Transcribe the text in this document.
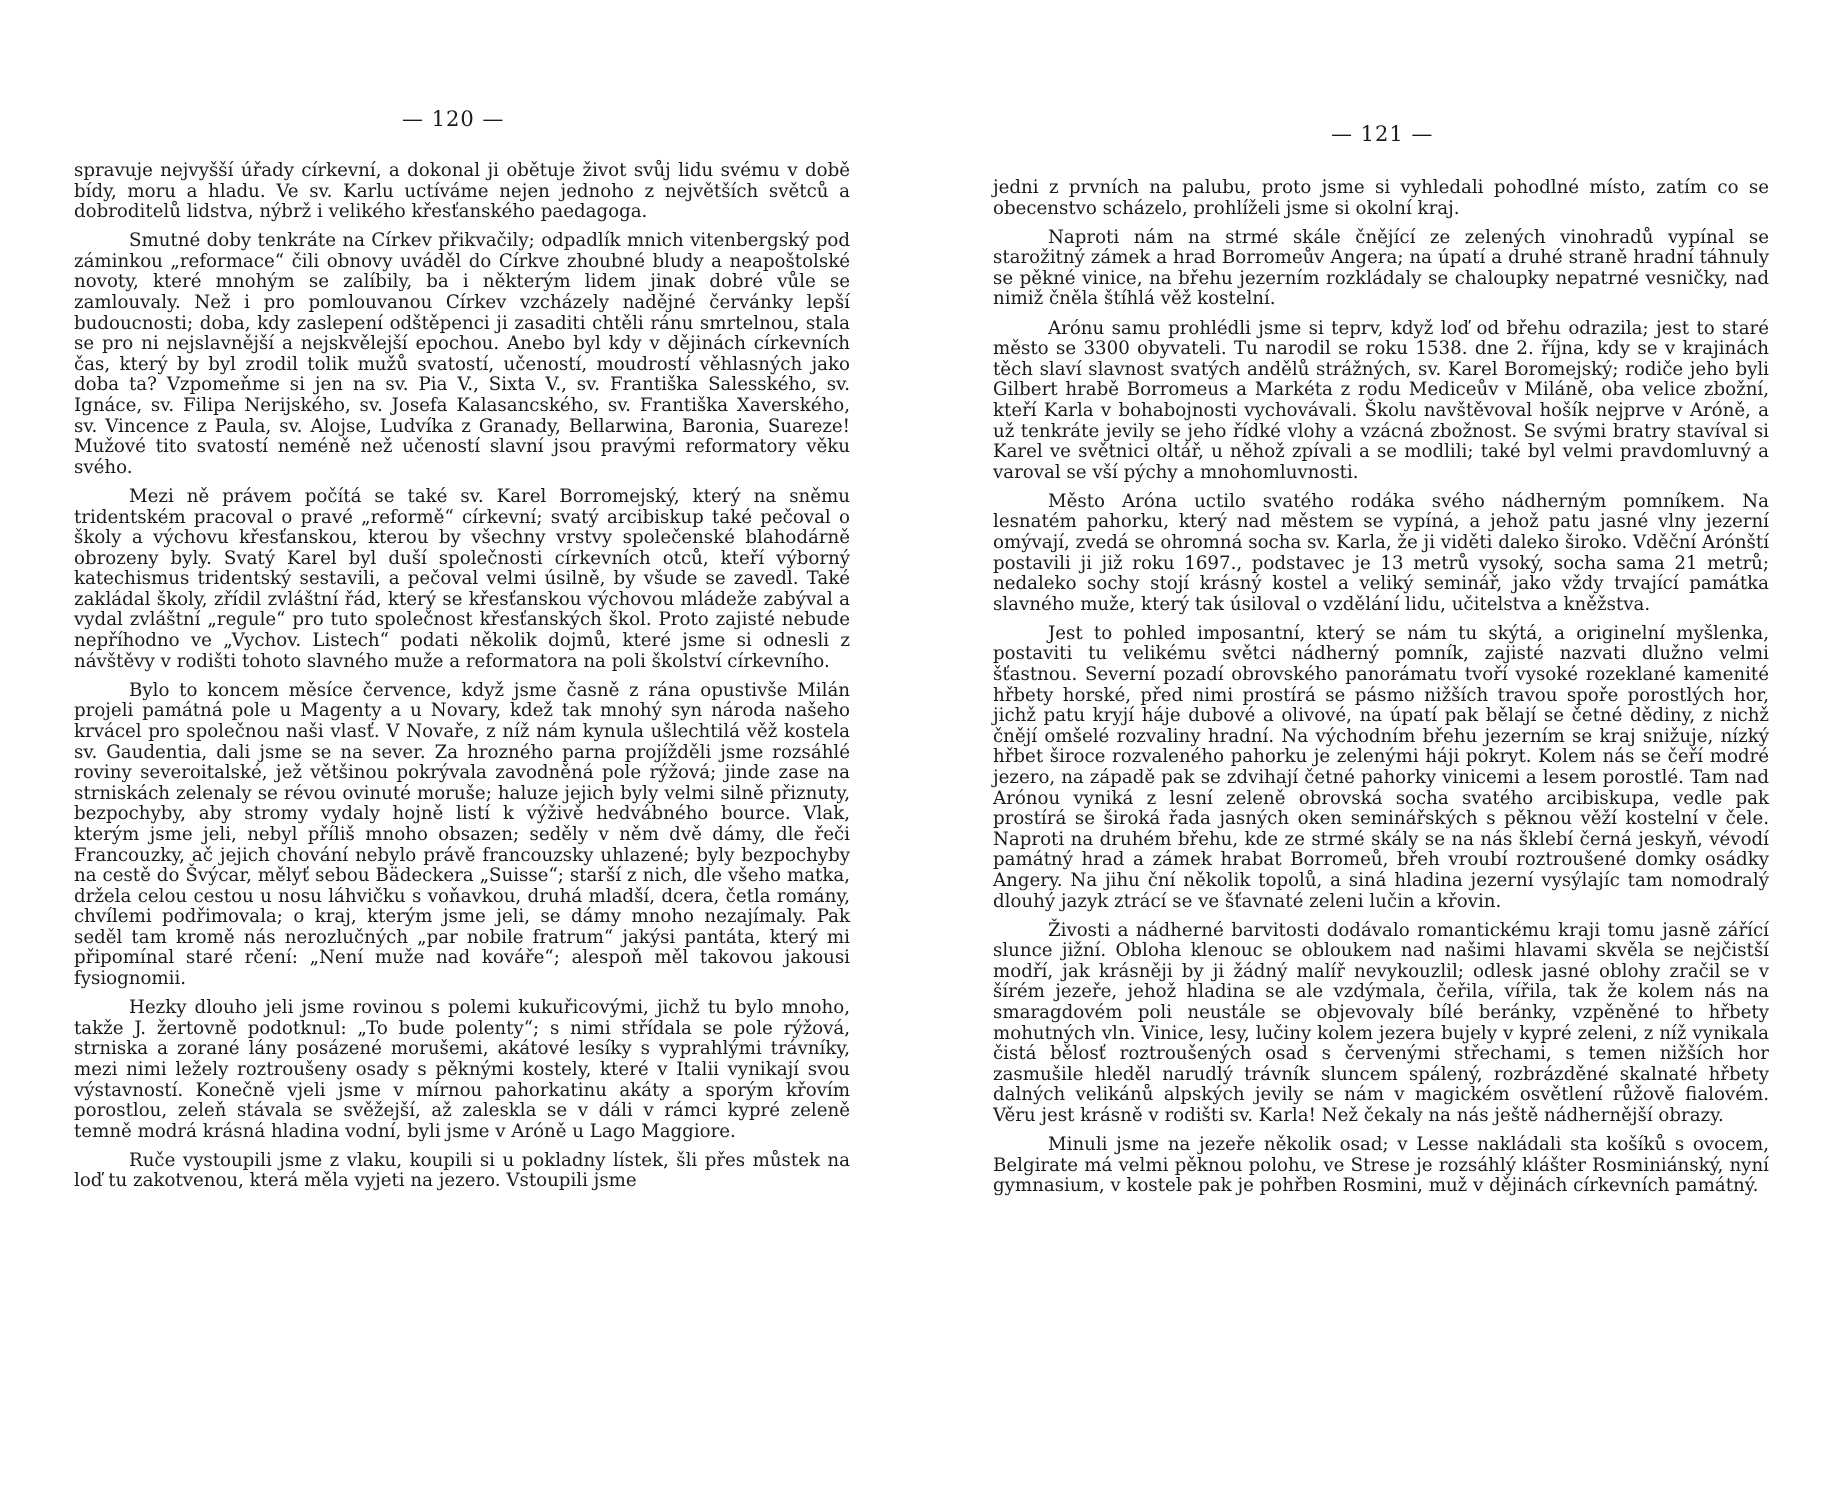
— 120 —

spravuje nejvyšší úřady církevní, a dokonal ji obětuje život svůj lidu svému v době bídy, moru a hladu. Ve sv. Karlu uctíváme nejen jednoho z největších světců a dobroditelů lidstva, nýbrž i velikého křesťanského paedagoga.

Smutné doby tenkráte na Církev přikvačily; odpadlík mnich vitenbergský pod záminkou „reformace“ čili obnovy uváděl do Církve zhoubné bludy a neapoštolské novoty, které mnohým se zalíbily, ba i některým lidem jinak dobré vůle se zamlouvaly. Než i pro pomlouvanou Církev vzcházely nadějné červánky lepší budoucnosti; doba, kdy zaslepení odštěpenci ji zasaditi chtěli ránu smrtelnou, stala se pro ni nejslavnější a nejskvělejší epochou. Anebo byl kdy v dějinách církevních čas, který by byl zrodil tolik mužů svatostí, učeností, moudrostí věhlasných jako doba ta? Vzpomeňme si jen na sv. Pia V., Sixta V., sv. Františka Salesského, sv. Ignáce, sv. Filipa Nerijského, sv. Josefa Kalasancského, sv. Františka Xaverského, sv. Vincence z Paula, sv. Alojse, Ludvíka z Granady, Bellarwina, Baronia, Suareze! Mužové tito svatostí neméně než učeností slavní jsou pravými reformatory věku svého.

Mezi ně právem počítá se také sv. Karel Borromejský, který na sněmu tridentském pracoval o pravé „reformě“ církevní; svatý arcibiskup také pečoval o školy a výchovu křesťanskou, kterou by všechny vrstvy společenské blahodárně obrozeny byly. Svatý Karel byl duší společnosti církevních otců, kteří výborný katechismus tridentský sestavili, a pečoval velmi úsilně, by všude se zavedl. Také zakládal školy, zřídil zvláštní řád, který se křesťanskou výchovou mládeže zabýval a vydal zvláštní „regule“ pro tuto společnost křesťanských škol. Proto zajisté nebude nepříhodno ve „Vychov. Listech“ podati několik dojmů, které jsme si odnesli z návštěvy v rodišti tohoto slavného muže a reformatora na poli školství církevního.

Bylo to koncem měsíce července, když jsme časně z rána opustivše Milán projeli památná pole u Magenty a u Novary, kdež tak mnohý syn národa našeho krvácel pro společnou naši vlasť. V Novaře, z níž nám kynula ušlechtilá věž kostela sv. Gaudentia, dali jsme se na sever. Za hrozného parna projížděli jsme rozsáhlé roviny severoitalské, jež většinou pokrývala zavodněná pole rýžová; jinde zase na strniskách zelenaly se révou ovinuté moruše; haluze jejich byly velmi silně přiznuty, bezpochyby, aby stromy vydaly hojně listí k výživě hedvábného bource. Vlak, kterým jsme jeli, nebyl příliš mnoho obsazen; seděly v něm dvě dámy, dle řeči Francouzky, ač jejich chování nebylo právě francouzsky uhlazené; byly bezpochyby na cestě do Švýcar, mělyť sebou Bädeckera „Suisse“; starší z nich, dle všeho matka, držela celou cestou u nosu láhvičku s voňavkou, druhá mladší, dcera, četla romány, chvílemi podřimovala; o kraj, kterým jsme jeli, se dámy mnoho nezajímaly. Pak seděl tam kromě nás nerozlučných „par nobile fratrum“ jakýsi pantáta, který mi připomínal staré rčení: „Není muže nad kováře“; alespoň měl takovou jakousi fysiognomii.

Hezky dlouho jeli jsme rovinou s polemi kukuřicovými, jichž tu bylo mnoho, takže J. žertovně podotknul: „To bude polenty“; s nimi střídala se pole rýžová, strniska a zorané lány posázené morušemi, akátové lesíky s vyprahlými trávníky, mezi nimi ležely roztroušeny osady s pěknými kostely, které v Italii vynikají svou výstavností. Konečně vjeli jsme v mírnou pahorkatinu akáty a sporým křovím porostlou, zeleň stávala se svěžejší, až zaleskla se v dáli v rámci kypré zeleně temně modrá krásná hladina vodní, byli jsme v Aróně u Lago Maggiore.

Ruče vystoupili jsme z vlaku, koupili si u pokladny lístek, šli přes můstek na loď tu zakotvenou, která měla vyjeti na jezero. Vstoupili jsme

— 121 —

jedni z prvních na palubu, proto jsme si vyhledali pohodlné místo, zatím co se obecenstvo scházelo, prohlíželi jsme si okolní kraj.

Naproti nám na strmé skále čnějící ze zelených vinohradů vypínal se starožitný zámek a hrad Borromeův Angera; na úpatí a druhé straně hradní táhnuly se pěkné vinice, na břehu jezerním rozkládaly se chaloupky nepatrné vesničky, nad nimiž čněla štíhlá věž kostelní.

Arónu samu prohlédli jsme si teprv, když loď od břehu odrazila; jest to staré město se 3300 obyvateli. Tu narodil se roku 1538. dne 2. října, kdy se v krajinách těch slaví slavnost svatých andělů strážných, sv. Karel Boromejský; rodiče jeho byli Gilbert hrabě Borromeus a Markéta z rodu Mediceův v Miláně, oba velice zbožní, kteří Karla v bohabojnosti vychovávali. Školu navštěvoval hošík nejprve v Aróně, a už tenkráte jevily se jeho řídké vlohy a vzácná zbožnost. Se svými bratry stavíval si Karel ve světnici oltář, u něhož zpívali a se modlili; také byl velmi pravdomluvný a varoval se vší pýchy a mnohomluvnosti.

Město Aróna uctilo svatého rodáka svého nádherným pomníkem. Na lesnatém pahorku, který nad městem se vypíná, a jehož patu jasné vlny jezerní omývají, zvedá se ohromná socha sv. Karla, že ji viděti daleko široko. Vděční Arónští postavili ji již roku 1697., podstavec je 13 metrů vysoký, socha sama 21 metrů; nedaleko sochy stojí krásný kostel a veliký seminář, jako vždy trvající památka slavného muže, který tak úsiloval o vzdělání lidu, učitelstva a kněžstva.

Jest to pohled imposantní, který se nám tu skýtá, a originelní myšlenka, postaviti tu velikému světci nádherný pomník, zajisté nazvati dlužno velmi šťastnou. Severní pozadí obrovského panorámatu tvoří vysoké rozeklané kamenité hřbety horské, před nimi prostírá se pásmo nižších travou spoře porostlých hor, jichž patu kryjí háje dubové a olivové, na úpatí pak bělají se četné dědiny, z nichž čnějí omšelé rozvaliny hradní. Na východním břehu jezerním se kraj snižuje, nízký hřbet široce rozvaleného pahorku je zelenými háji pokryt. Kolem nás se čeří modré jezero, na západě pak se zdvihají četné pahorky vinicemi a lesem porostlé. Tam nad Arónou vyniká z lesní zeleně obrovská socha svatého arcibiskupa, vedle pak prostírá se široká řada jasných oken seminářských s pěknou věží kostelní v čele. Naproti na druhém břehu, kde ze strmé skály se na nás šklebí černá jeskyň, vévodí památný hrad a zámek hrabat Borromeů, břeh vroubí roztroušené domky osádky Angery. Na jihu ční několik topolů, a siná hladina jezerní vysýlajíc tam nomodralý dlouhý jazyk ztrácí se ve šťavnaté zeleni lučin a křovin.

Živosti a nádherné barvitosti dodávalo romantickému kraji tomu jasně zářící slunce jižní. Obloha klenouc se obloukem nad našimi hlavami skvěla se nejčistší modří, jak krásněji by ji žádný malíř nevykouzlil; odlesk jasné oblohy zračil se v šírém jezeře, jehož hladina se ale vzdýmala, čeřila, vířila, tak že kolem nás na smaragdovém poli neustále se objevovaly bílé beránky, vzpěněné to hřbety mohutných vln. Vinice, lesy, lučiny kolem jezera bujely v kypré zeleni, z níž vynikala čistá bělosť roztroušených osad s červenými střechami, s temen nižších hor zasmušile hleděl narudlý trávník sluncem spálený, rozbrázděné skalnaté hřbety dalných velikánů alpských jevily se nám v magickém osvětlení růžově fialovém. Věru jest krásně v rodišti sv. Karla! Než čekaly na nás ještě nádhernější obrazy.

Minuli jsme na jezeře několik osad; v Lesse nakládali sta košíků s ovocem, Belgirate má velmi pěknou polohu, ve Strese je rozsáhlý klášter Rosminiánský, nyní gymnasium, v kostele pak je pohřben Rosmini, muž v dějinách církevních památný.
